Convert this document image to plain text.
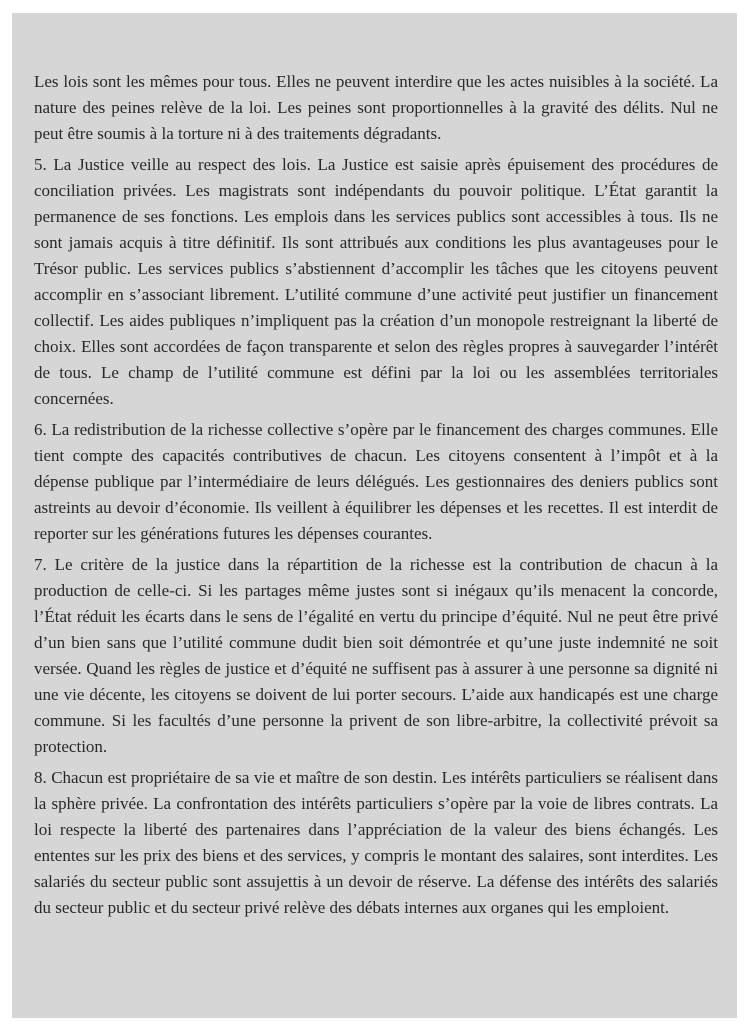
Les lois sont les mêmes pour tous. Elles ne peuvent interdire que les actes nuisibles à la société. La nature des peines relève de la loi. Les peines sont proportionnelles à la gravité des délits. Nul ne peut être soumis à la torture ni à des traitements dégradants.

5. La Justice veille au respect des lois. La Justice est saisie après épuisement des procédures de conciliation privées. Les magistrats sont indépendants du pouvoir politique. L’État garantit la permanence de ses fonctions. Les emplois dans les services publics sont accessibles à tous. Ils ne sont jamais acquis à titre définitif. Ils sont attribués aux conditions les plus avantageuses pour le Trésor public. Les services publics s’abstiennent d’accomplir les tâches que les citoyens peuvent accomplir en s’associant librement. L’utilité commune d’une activité peut justifier un financement collectif. Les aides publiques n’impliquent pas la création d’un monopole restreignant la liberté de choix. Elles sont accordées de façon transparente et selon des règles propres à sauvegarder l’intérêt de tous. Le champ de l’utilité commune est défini par la loi ou les assemblées territoriales concernées.

6. La redistribution de la richesse collective s’opère par le financement des charges communes. Elle tient compte des capacités contributives de chacun. Les citoyens consentent à l’impôt et à la dépense publique par l’intermédiaire de leurs délégués. Les gestionnaires des deniers publics sont astreints au devoir d’économie. Ils veillent à équilibrer les dépenses et les recettes. Il est interdit de reporter sur les générations futures les dépenses courantes.

7. Le critère de la justice dans la répartition de la richesse est la contribution de chacun à la production de celle-ci. Si les partages même justes sont si inégaux qu’ils menacent la concorde, l’État réduit les écarts dans le sens de l’égalité en vertu du principe d’équité. Nul ne peut être privé d’un bien sans que l’utilité commune dudit bien soit démontrée et qu’une juste indemnité ne soit versée. Quand les règles de justice et d’équité ne suffisent pas à assurer à une personne sa dignité ni une vie décente, les citoyens se doivent de lui porter secours. L’aide aux handicapés est une charge commune. Si les facultés d’une personne la privent de son libre-arbitre, la collectivité prévoit sa protection.

8. Chacun est propriétaire de sa vie et maître de son destin. Les intérêts particuliers se réalisent dans la sphère privée. La confrontation des intérêts particuliers s’opère par la voie de libres contrats. La loi respecte la liberté des partenaires dans l’appréciation de la valeur des biens échangés. Les ententes sur les prix des biens et des services, y compris le montant des salaires, sont interdites. Les salariés du secteur public sont assujettis à un devoir de réserve. La défense des intérêts des salariés du secteur public et du secteur privé relève des débats internes aux organes qui les emploient.
